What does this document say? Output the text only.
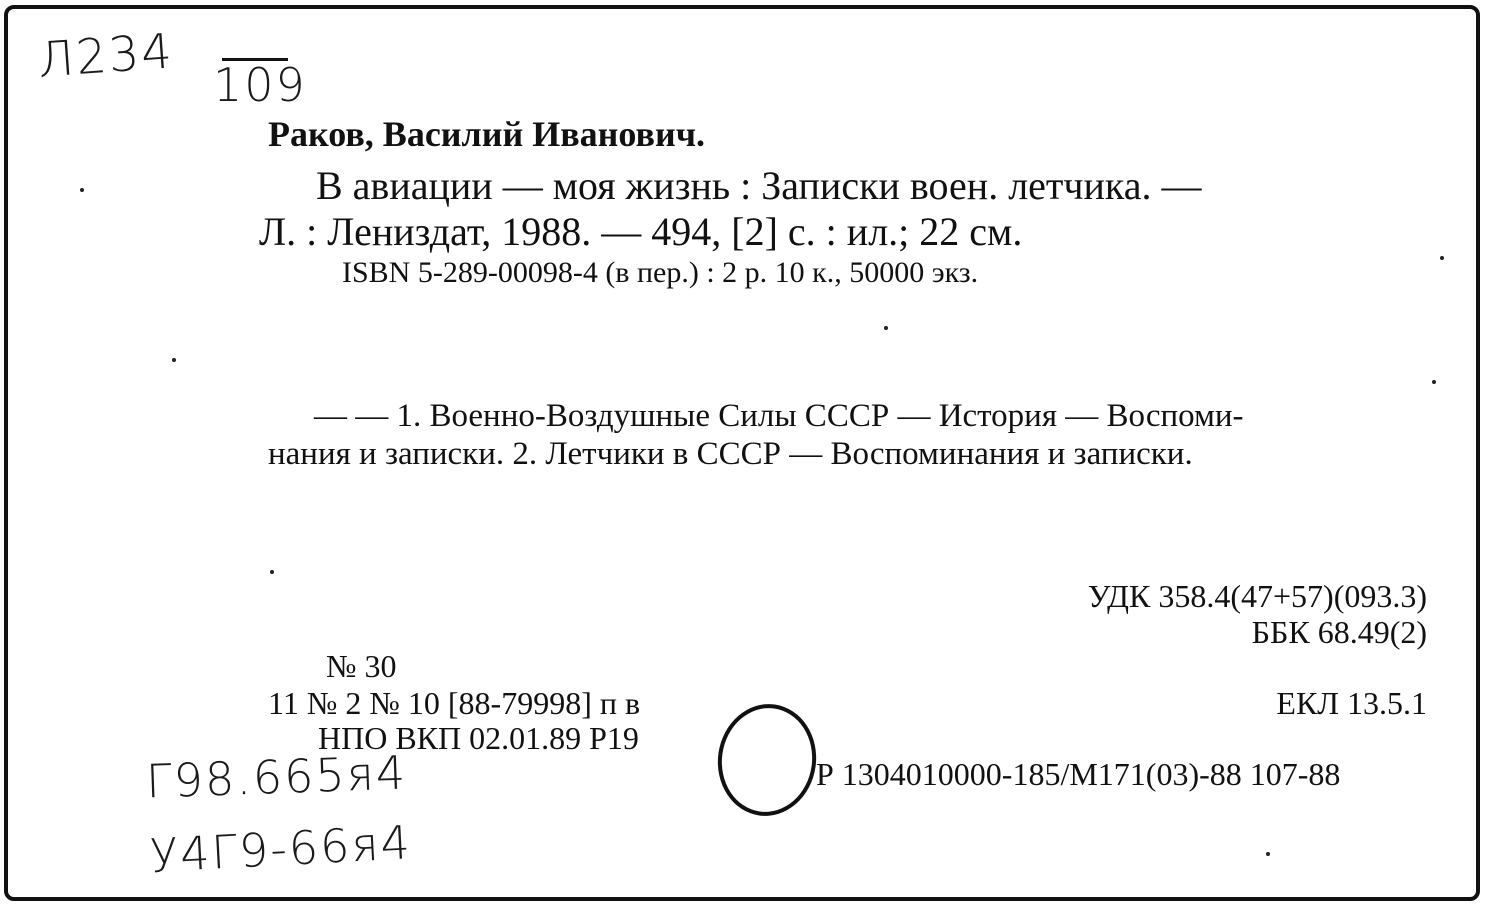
Л234 109
Раков, Василий Иванович.
В авиации — моя жизнь : Записки воен. летчика. —
Л. : Лениздат, 1988. — 494, [2] с. : ил.; 22 см.
ISBN 5-289-00098-4 (в пер.) : 2 р. 10 к., 50000 экз.
— — 1. Военно-Воздушные Силы СССР — История — Воспоми-
нания и записки. 2. Летчики в СССР — Воспоминания и записки.
УДК 358.4(47+57)(093.3)
ББК 68.49(2)
ЕКЛ 13.5.1
№ 30
11 № 2 № 10 [88-79998] п в
НПО ВКП 02.01.89 Р19
Р 1304010000-185/М171(03)-88 107-88
Г98.665я4
У4Г9-66я4
